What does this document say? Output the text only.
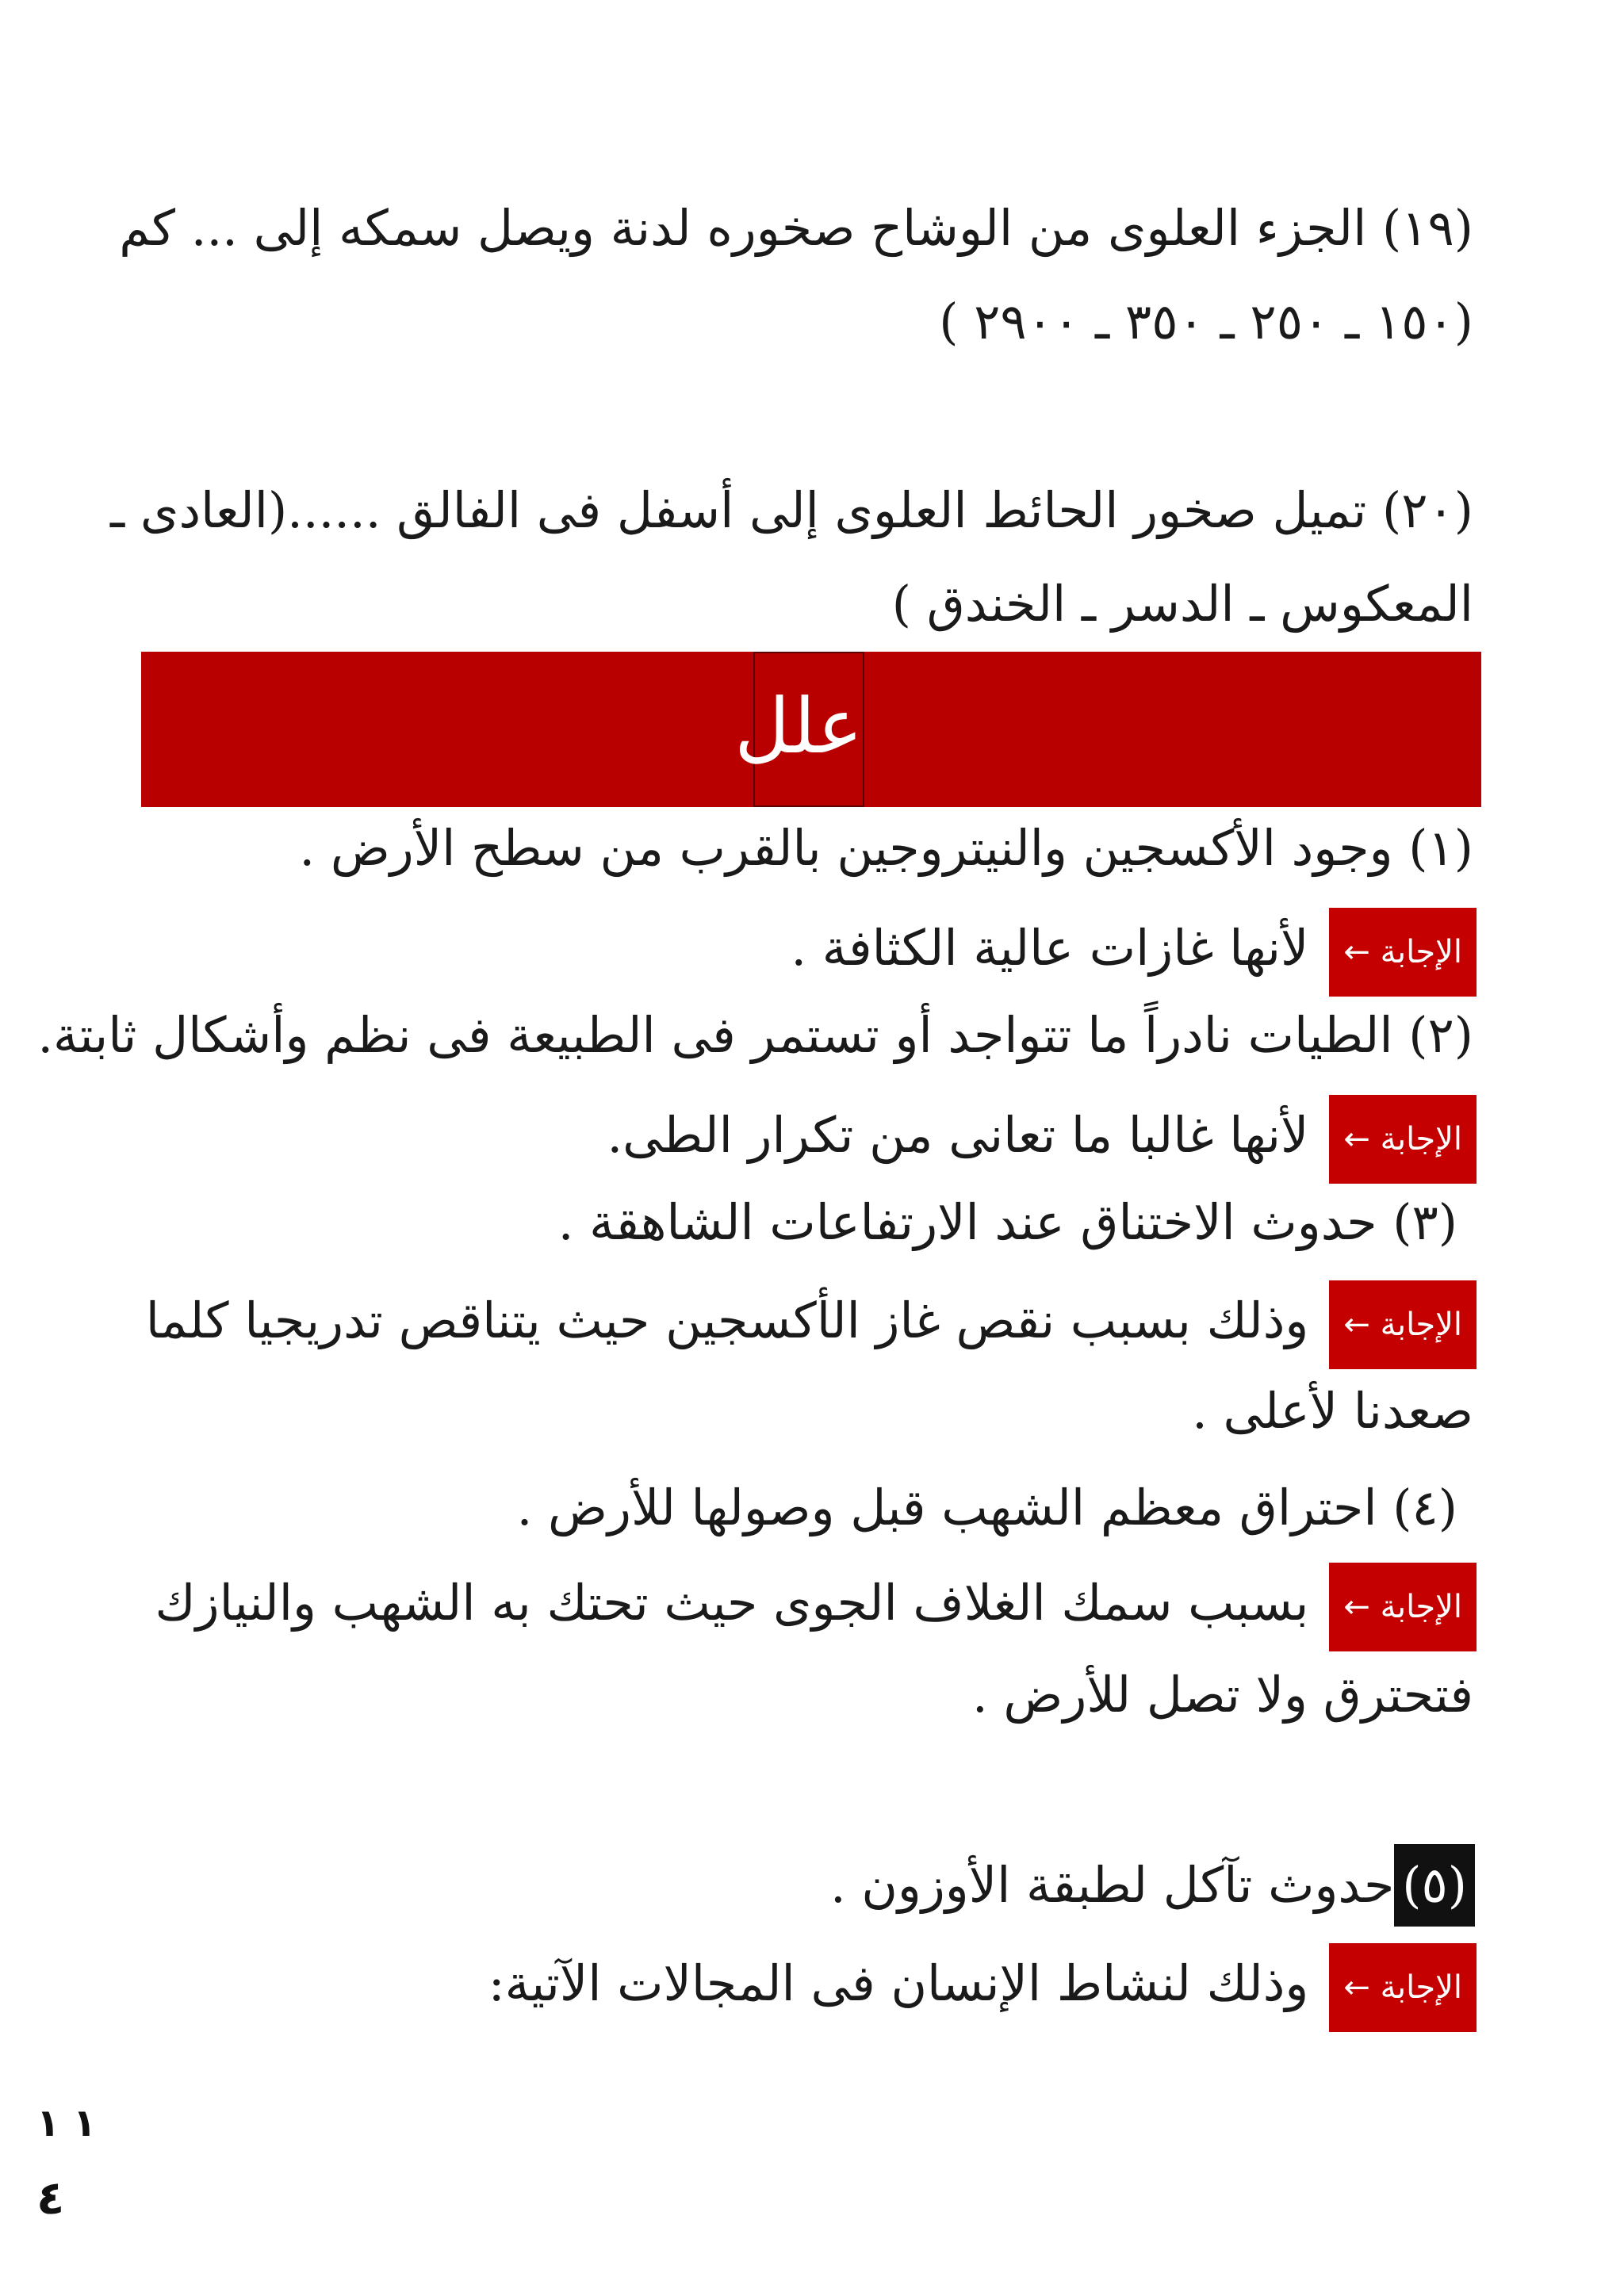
(١٩) الجزء العلوى من الوشاح صخوره لدنة ويصل سمكه إلى ... كم
(١٥٠ ـ ٢٥٠ ـ ٣٥٠ ـ ٢٩٠٠ )
(٢٠) تميل صخور الحائط العلوى إلى أسفل فى الفالق ......(العادى ـ
المعكوس ـ الدسر ـ الخندق )
علل
(١) وجود الأكسجين والنيتروجين بالقرب من سطح الأرض .
الإجابة ←لأنها غازات عالية الكثافة .
(٢) الطيات نادراً ما تتواجد أو تستمر فى الطبيعة فى نظم وأشكال ثابتة.
الإجابة ←لأنها غالبا ما تعانى من تكرار الطى.
(٣) حدوث الاختناق عند الارتفاعات الشاهقة .
الإجابة ←وذلك بسبب نقص غاز الأكسجين حيث يتناقص تدريجيا كلما
صعدنا لأعلى .
(٤) احتراق معظم الشهب قبل وصولها للأرض .
الإجابة ←بسبب سمك الغلاف الجوى حيث تحتك به الشهب والنيازك
فتحترق ولا تصل للأرض .
(٥)حدوث تآكل لطبقة الأوزون .
الإجابة ←وذلك لنشاط الإنسان فى المجالات الآتية:
١ ١
٤
